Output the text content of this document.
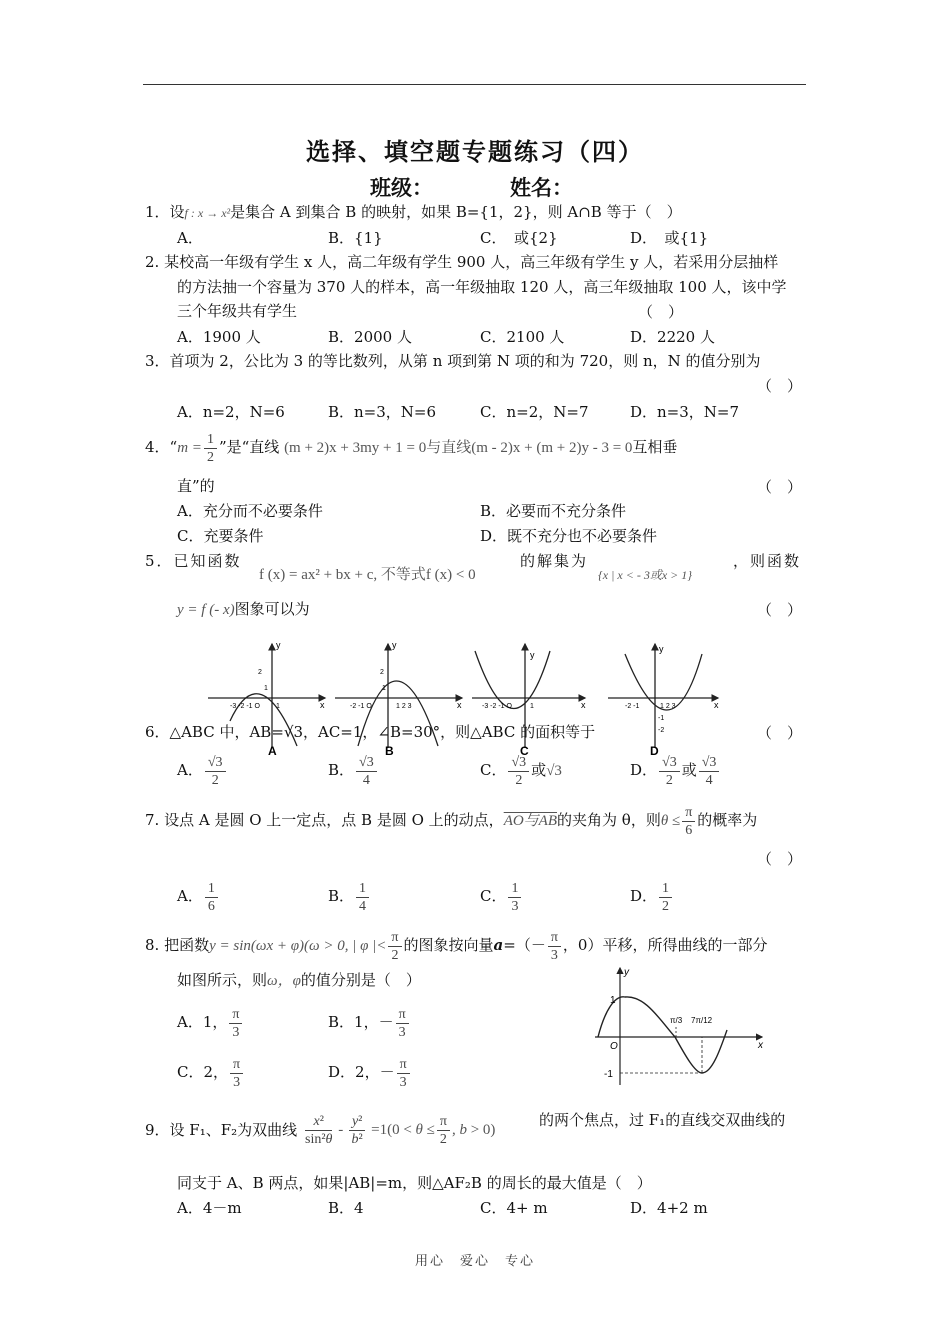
选择、填空题专题练习（四）
班级：	姓名：
1．设f : x → x²是集合 A 到集合 B 的映射，如果 B={1，2}，则 A∩B 等于（　）
A．	B．{1}	C．　或{2}	D．　或{1}
2. 某校高一年级有学生 x 人，高二年级有学生 900 人，高三年级有学生 y 人，若采用分层抽样
的方法抽一个容量为 370 人的样本，高一年级抽取 120 人，高三年级抽取 100 人，该中学
三个年级共有学生	（　）
A．1900 人	B．2000 人	C．2100 人	D．2220 人
3．首项为 2，公比为 3 的等比数列，从第 n 项到第 N 项的和为 720，则 n，N 的值分别为
（　）
A．n=2，N=6	B．n=3，N=6	C．n=2，N=7	D．n=3，N=7
4．“$m = \frac{1}{2}$ ”是“直线 (m + 2)x + 3my + 1 = 0与直线(m - 2)x + (m + 2)y - 3 = 0互相垂
直”的	（　）
A．充分而不必要条件	B．必要而不充分条件
C．充要条件	D．既不充分也不必要条件
5．已知函数
f (x) = ax² + bx + c, 不等式f (x) < 0
的解集为
{x | x < - 3或x > 1}
，则函数
y = f (- x)图象可以为	（　）
y
x
2
1
-3 -2 -1 O 1
A
y
x
2
1
-2 -1 O	1 2 3
B
y
x
-3 -2 -1 O	1
C
y
x
-2 -1	1 2 3
-1
-2
D
6．△ABC 中，AB=√3，AC=1，∠B=30°，则△ABC 的面积等于	（　）
A． $\frac{√3}{2}$	B． $\frac{√3}{4}$	C． $\frac{√3}{2}$ 或√3	D． $\frac{√3}{2}$ 或 $\frac{√3}{4}$
7. 设点 A 是圆 O 上一定点，点 B 是圆 O 上的动点，AO与AB的夹角为 θ，则$\theta \le \frac{\pi}{6}$ 的概率为
（　）
A． $\frac{1}{6}$	B． $\frac{1}{4}$	C． $\frac{1}{3}$	D． $\frac{1}{2}$
8. 把函数y = sin(ωx + φ)(ω > 0, | φ |< $\frac{\pi}{2}$ 的图象按向量$a=(- \frac{\pi}{3}$ ，0）平移，所得曲线的一部分
如图所示，则ω，φ的值分别是（　）
A．1， $\frac{\pi}{3}$	B．1，－ $\frac{\pi}{3}$
C．2， $\frac{\pi}{3}$	D．2，－ $\frac{\pi}{3}$
y
x
1
-1
O
π/3 7π/12
9．设 F₁、F₂为双曲线 $\frac{\text{x²}}{\text{sin²θ}} - \frac{\text{y²}}{\text{b²}} =1(0 < \theta \le \frac{\pi}{2}$ , b > 0)
的两个焦点，过 F₁的直线交双曲线的
同支于 A、B 两点，如果|AB|=m，则△AF₂B 的周长的最大值是（　）
A．4－m	B．4	C．4+ m	D．4+2 m
用心　爱心　专心
